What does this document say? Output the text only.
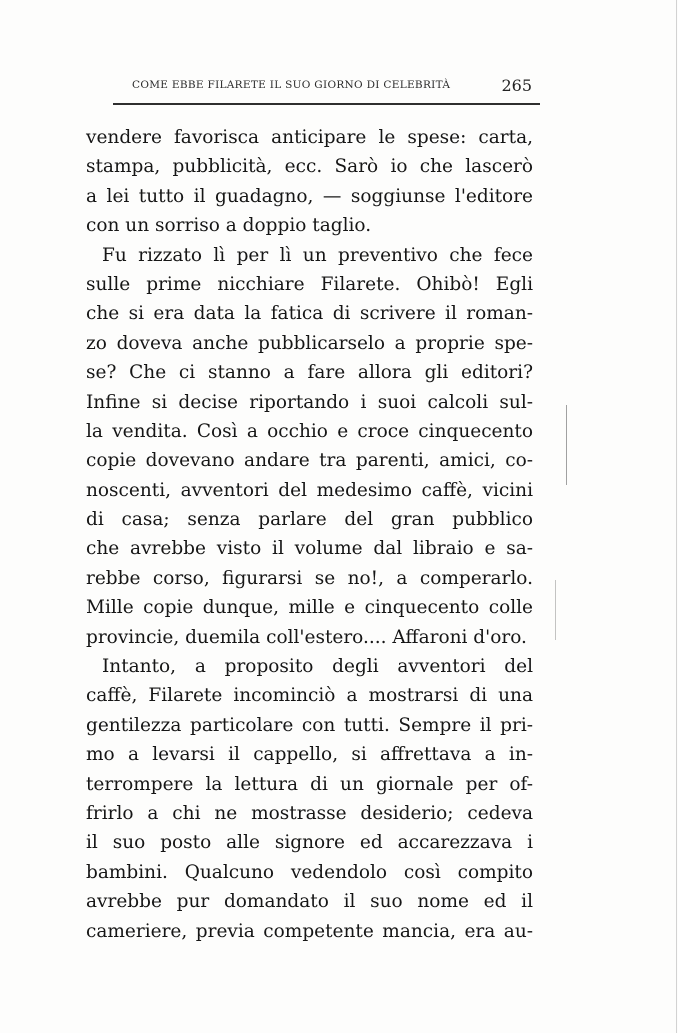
COME EBBE FILARETE IL SUO GIORNO DI CELEBRITÀ	265
vendere favorisca anticipare le spese: carta,
stampa, pubblicità, ecc. Sarò io che lascerò
a lei tutto il guadagno, — soggiunse l'editore
con un sorriso a doppio taglio.
Fu rizzato lì per lì un preventivo che fece
sulle prime nicchiare Filarete. Ohibò! Egli
che si era data la fatica di scrivere il roman-
zo doveva anche pubblicarselo a proprie spe-
se? Che ci stanno a fare allora gli editori?
Infine si decise riportando i suoi calcoli sul-
la vendita. Così a occhio e croce cinquecento
copie dovevano andare tra parenti, amici, co-
noscenti, avventori del medesimo caffè, vicini
di casa; senza parlare del gran pubblico
che avrebbe visto il volume dal libraio e sa-
rebbe corso, figurarsi se no!, a comperarlo.
Mille copie dunque, mille e cinquecento colle
provincie, duemila coll'estero.... Affaroni d'oro.
Intanto, a proposito degli avventori del
caffè, Filarete incominciò a mostrarsi di una
gentilezza particolare con tutti. Sempre il pri-
mo a levarsi il cappello, si affrettava a in-
terrompere la lettura di un giornale per of-
frirlo a chi ne mostrasse desiderio; cedeva
il suo posto alle signore ed accarezzava i
bambini. Qualcuno vedendolo così compito
avrebbe pur domandato il suo nome ed il
cameriere, previa competente mancia, era au-
